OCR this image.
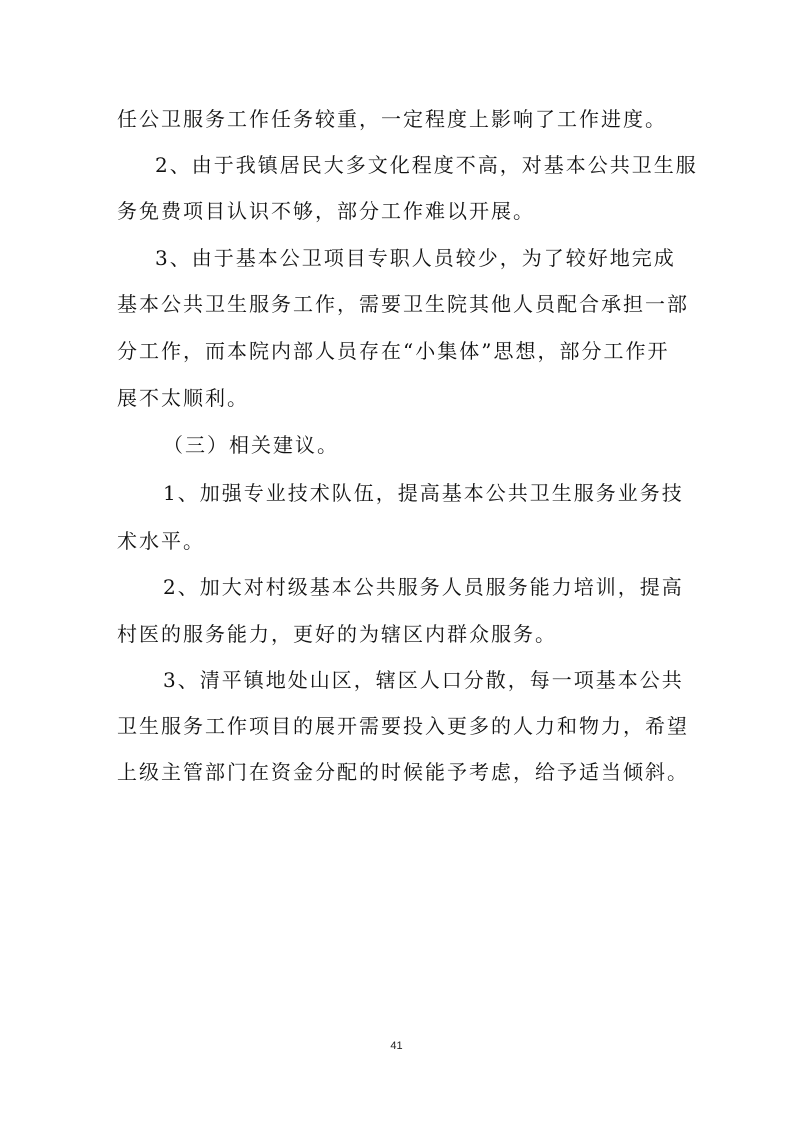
任公卫服务工作任务较重，一定程度上影响了工作进度。
2、由于我镇居民大多文化程度不高，对基本公共卫生服
务免费项目认识不够，部分工作难以开展。
3、由于基本公卫项目专职人员较少，为了较好地完成
基本公共卫生服务工作，需要卫生院其他人员配合承担一部
分工作，而本院内部人员存在“小集体”思想，部分工作开
展不太顺利。
（三）相关建议。
1、加强专业技术队伍，提高基本公共卫生服务业务技
术水平。
2、加大对村级基本公共服务人员服务能力培训，提高
村医的服务能力，更好的为辖区内群众服务。
3、清平镇地处山区，辖区人口分散，每一项基本公共
卫生服务工作项目的展开需要投入更多的人力和物力，希望
上级主管部门在资金分配的时候能予考虑，给予适当倾斜。
41
